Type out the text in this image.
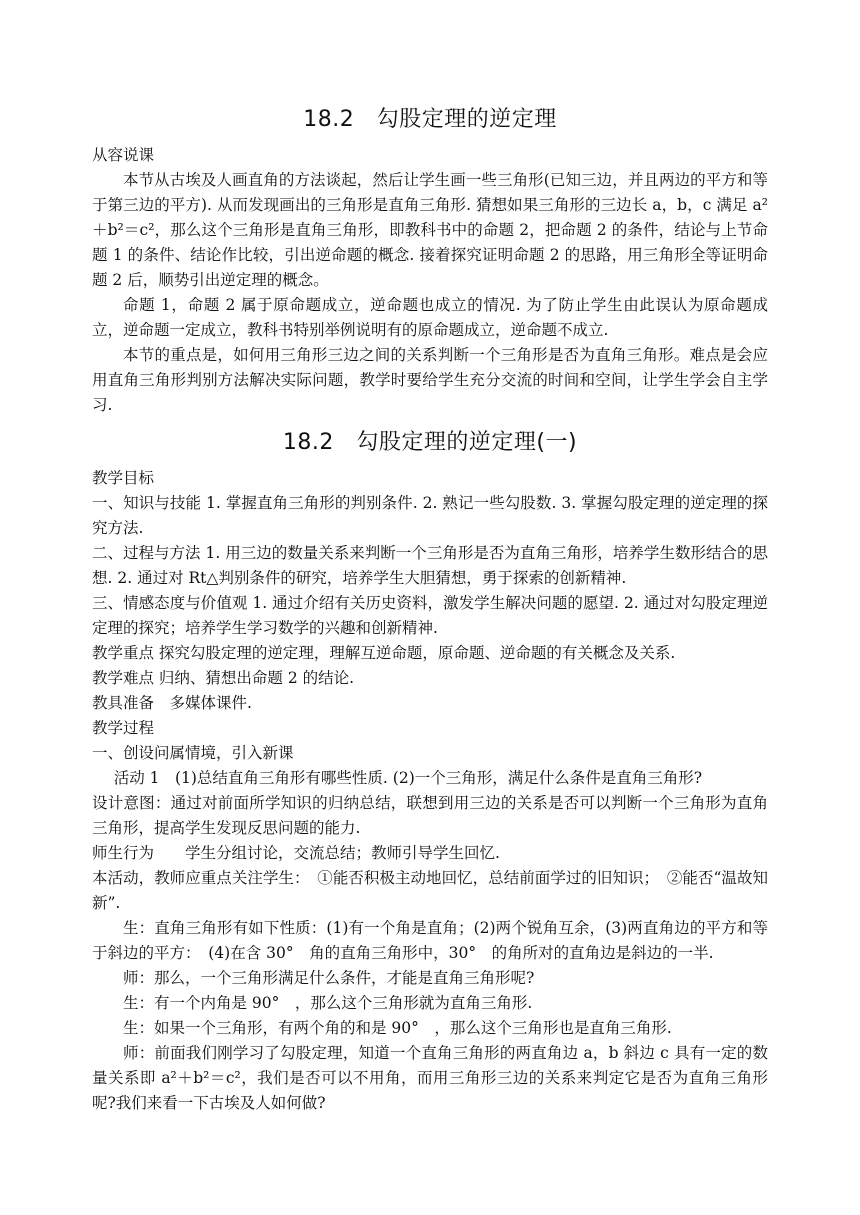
18.2　勾股定理的逆定理

从容说课

本节从古埃及人画直角的方法谈起，然后让学生画一些三角形(已知三边，并且两边的平方和等于第三边的平方). 从而发现画出的三角形是直角三角形. 猜想如果三角形的三边长 a，b，c 满足 a²＋b²＝c²，那么这个三角形是直角三角形，即教科书中的命题 2，把命题 2 的条件，结论与上节命题 1 的条件、结论作比较，引出逆命题的概念. 接着探究证明命题 2 的思路，用三角形全等证明命题 2 后，顺势引出逆定理的概念。

命题 1，命题 2 属于原命题成立，逆命题也成立的情况. 为了防止学生由此误认为原命题成立，逆命题一定成立，教科书特别举例说明有的原命题成立，逆命题不成立.

本节的重点是，如何用三角形三边之间的关系判断一个三角形是否为直角三角形。难点是会应用直角三角形判别方法解决实际问题，教学时要给学生充分交流的时间和空间，让学生学会自主学习.

18.2　勾股定理的逆定理(一)

教学目标

一、知识与技能 1. 掌握直角三角形的判别条件. 2. 熟记一些勾股数. 3. 掌握勾股定理的逆定理的探究方法.

二、过程与方法 1. 用三边的数量关系来判断一个三角形是否为直角三角形，培养学生数形结合的思想. 2. 通过对 Rt△判别条件的研究，培养学生大胆猜想，勇于探索的创新精神.

三、情感态度与价值观 1. 通过介绍有关历史资料，激发学生解决问题的愿望. 2. 通过对勾股定理逆定理的探究；培养学生学习数学的兴趣和创新精神.

教学重点 探究勾股定理的逆定理，理解互逆命题，原命题、逆命题的有关概念及关系.

教学难点 归纳、猜想出命题 2 的结论.

教具准备　多媒体课件.

教学过程

一、创设问属情境，引入新课

活动 1　(1)总结直角三角形有哪些性质. (2)一个三角形，满足什么条件是直角三角形?

设计意图：通过对前面所学知识的归纳总结，联想到用三边的关系是否可以判断一个三角形为直角三角形，提高学生发现反思问题的能力.

师生行为　　学生分组讨论，交流总结；教师引导学生回忆.

本活动，教师应重点关注学生：　①能否积极主动地回忆，总结前面学过的旧知识；　②能否“温故知新”.

生：直角三角形有如下性质：(1)有一个角是直角；(2)两个锐角互余，(3)两直角边的平方和等于斜边的平方：　(4)在含 30°　角的直角三角形中，30°　的角所对的直角边是斜边的一半.

师：那么，一个三角形满足什么条件，才能是直角三角形呢?

生：有一个内角是 90°　，那么这个三角形就为直角三角形.

生：如果一个三角形，有两个角的和是 90°　，那么这个三角形也是直角三角形.

师：前面我们刚学习了勾股定理，知道一个直角三角形的两直角边 a，b 斜边 c 具有一定的数量关系即 a²＋b²＝c²，我们是否可以不用角，而用三角形三边的关系来判定它是否为直角三角形呢?我们来看一下古埃及人如何做?
